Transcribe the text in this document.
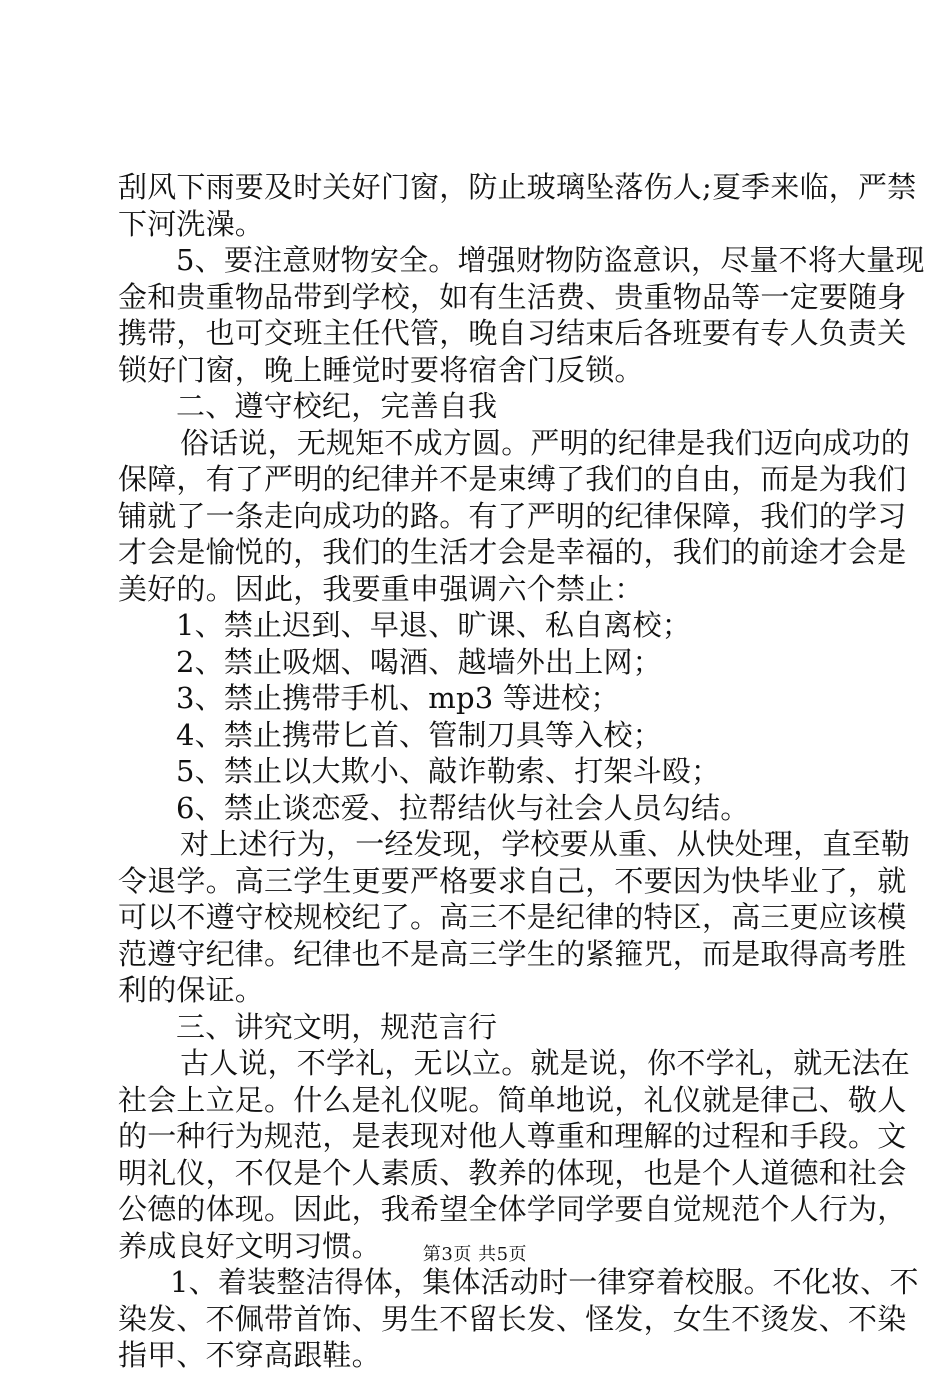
刮风下雨要及时关好门窗，防止玻璃坠落伤人;夏季来临，严禁
下河洗澡。
5、要注意财物安全。增强财物防盗意识，尽量不将大量现
金和贵重物品带到学校，如有生活费、贵重物品等一定要随身
携带，也可交班主任代管，晚自习结束后各班要有专人负责关
锁好门窗，晚上睡觉时要将宿舍门反锁。
二、遵守校纪，完善自我
俗话说，无规矩不成方圆。严明的纪律是我们迈向成功的
保障，有了严明的纪律并不是束缚了我们的自由，而是为我们
铺就了一条走向成功的路。有了严明的纪律保障，我们的学习
才会是愉悦的，我们的生活才会是幸福的，我们的前途才会是
美好的。因此，我要重申强调六个禁止：
1、禁止迟到、早退、旷课、私自离校；
2、禁止吸烟、喝酒、越墙外出上网；
3、禁止携带手机、mp3 等进校；
4、禁止携带匕首、管制刀具等入校；
5、禁止以大欺小、敲诈勒索、打架斗殴；
6、禁止谈恋爱、拉帮结伙与社会人员勾结。
对上述行为，一经发现，学校要从重、从快处理，直至勒
令退学。高三学生更要严格要求自己，不要因为快毕业了，就
可以不遵守校规校纪了。高三不是纪律的特区，高三更应该模
范遵守纪律。纪律也不是高三学生的紧箍咒，而是取得高考胜
利的保证。
三、讲究文明，规范言行
古人说，不学礼，无以立。就是说，你不学礼，就无法在
社会上立足。什么是礼仪呢。简单地说，礼仪就是律己、敬人
的一种行为规范，是表现对他人尊重和理解的过程和手段。文
明礼仪，不仅是个人素质、教养的体现，也是个人道德和社会
公德的体现。因此，我希望全体学同学要自觉规范个人行为，
养成良好文明习惯。
1、着装整洁得体，集体活动时一律穿着校服。不化妆、不
染发、不佩带首饰、男生不留长发、怪发，女生不烫发、不染
指甲、不穿高跟鞋。
第3页 共5页
